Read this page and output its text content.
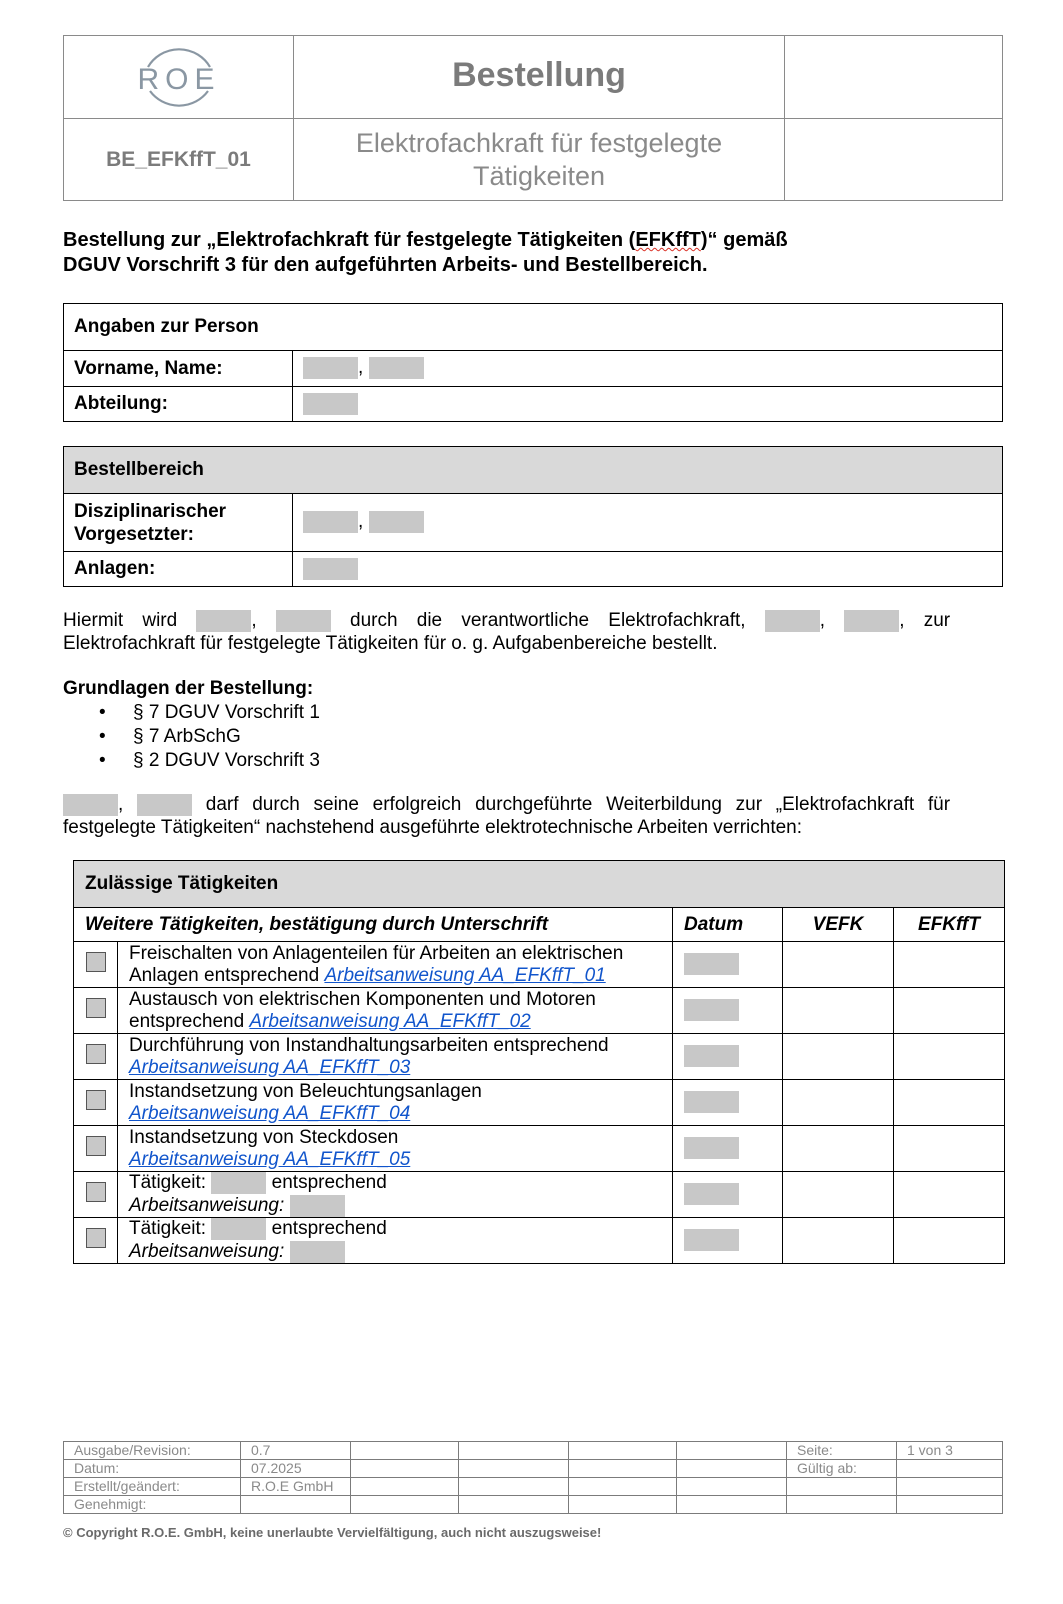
ROE	Bestellung
BE_EFKffT_01
Elektrofachkraft für festgelegte
Tätigkeiten
Bestellung zur „Elektrofachkraft für festgelegte Tätigkeiten (EFKffT)“ gemäß
DGUV Vorschrift 3 für den aufgeführten Arbeits- und Bestellbereich.
Angaben zur Person	
Vorname, Name:	,
Abteilung:	
Bestellbereich	

Disziplinarischer
Vorgesetzter:	,
Anlagen:	
Hiermit wird	,	durch die verantwortliche Elektrofachkraft,	,	, zur
Elektrofachkraft für festgelegte Tätigkeiten für o. g. Aufgabenbereiche bestellt.
Grundlagen der Bestellung:
• § 7 DGUV Vorschrift 1
• § 7 ArbSchG
• § 2 DGUV Vorschrift 3
,	darf durch seine erfolgreich durchgeführte Weiterbildung zur „Elektrofachkraft für
festgelegte Tätigkeiten“ nachstehend ausgeführte elektrotechnische Arbeiten verrichten:
Zulässige Tätigkeiten				
Weitere Tätigkeiten, bestätigung durch Unterschrift		Datum	VEFK	EFKffT

	Freischalten von Anlagenteilen für Arbeiten an elektrischen
Anlagen entsprechend Arbeitsanweisung AA_EFKffT_01			

	Austausch von elektrischen Komponenten und Motoren
entsprechend Arbeitsanweisung AA_EFKffT_02			

	Durchführung von Instandhaltungsarbeiten entsprechend
Arbeitsanweisung AA_EFKffT_03			

	Instandsetzung von Beleuchtungsanlagen
Arbeitsanweisung AA_EFKffT_04			

	Instandsetzung von Steckdosen
Arbeitsanweisung AA_EFKffT_05			

	Tätigkeit: entsprechend
Arbeitsanweisung:			

	Tätigkeit: entsprechend
Arbeitsanweisung:			

Ausgabe/Revision:	0.7					Seite:	1 von 3
Datum:	07.2025					Gültig ab:	
Erstellt/geändert:	R.O.E GmbH						
Genehmigt:							
© Copyright R.O.E. GmbH, keine unerlaubte Vervielfältigung, auch nicht auszugsweise!
